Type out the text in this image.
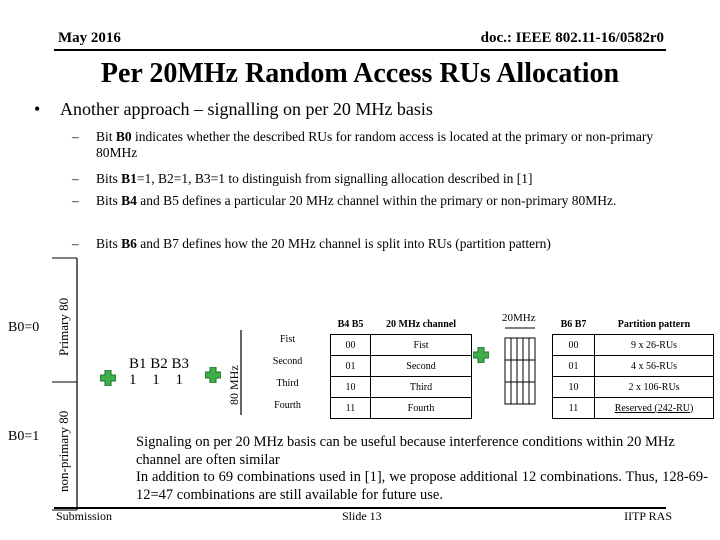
May 2016	doc.: IEEE 802.11-16/0582r0
Per 20MHz Random Access RUs Allocation
• Another approach – signalling on per 20 MHz basis
– Bit B0 indicates whether the described RUs for random access is located at the primary or non-primary 80MHz
– Bits B1=1, B2=1, B3=1 to distinguish from signalling allocation described in [1]
– Bits B4 and B5 defines a particular 20 MHz channel within the primary or non-primary 80MHz.
– Bits B6 and B7 defines how the 20 MHz channel is split into RUs (partition pattern)
B0=0
B0=1
Primary 80
non-primary 80
B1 B2 B3
1 1 1	80 MHz
Fist
Second
Third
Fourth
B4 B5	20 MHz channel
00	Fist
01	Second
10	Third
11	Fourth
20MHz B6 B7	Partition pattern
00	9 x 26-RUs
01	4 x 56-RUs
10	2 x 106-RUs
11	Reserved (242-RU)
Signaling on per 20 MHz basis can be useful because interference conditions within 20 MHz channel are often similar
In addition to 69 combinations used in [1], we propose additional 12 combinations. Thus, 128-69-12=47 combinations are still available for future use.
Submission	Slide 13	IITP RAS
